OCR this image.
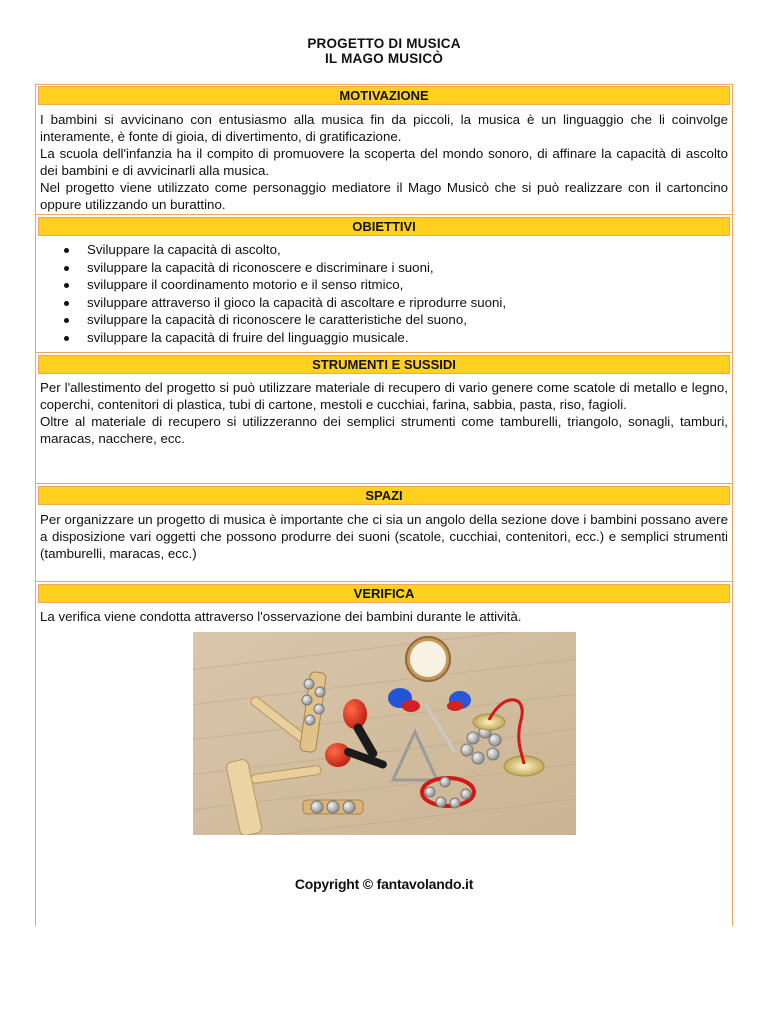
PROGETTO DI MUSICA
IL MAGO MUSICÒ
MOTIVAZIONE

I bambini si avvicinano con entusiasmo alla musica fin da piccoli, la musica è un linguaggio che li coinvolge interamente, è fonte di gioia, di divertimento, di gratificazione.

La scuola dell'infanzia ha il compito di promuovere la scoperta del mondo sonoro, di affinare la capacità di ascolto dei bambini e di avvicinarli alla musica.

Nel progetto viene utilizzato come personaggio mediatore il Mago Musicò che si può realizzare con il cartoncino oppure utilizzando un burattino.

OBIETTIVI
Sviluppare la capacità di ascolto,
sviluppare la capacità di riconoscere e discriminare i suoni,
sviluppare il coordinamento motorio e il senso ritmico,
sviluppare attraverso il gioco la capacità di ascoltare e riprodurre suoni,
sviluppare la capacità di riconoscere le caratteristiche del suono,
sviluppare la capacità di fruire del linguaggio musicale.
STRUMENTI E SUSSIDI

Per l'allestimento del progetto si può utilizzare materiale di recupero di vario genere come scatole di metallo e legno, coperchi, contenitori di plastica, tubi di cartone, mestoli e cucchiai, farina, sabbia, pasta, riso, fagioli.

Oltre al materiale di recupero si utilizzeranno dei semplici strumenti come tamburelli, triangolo, sonagli, tamburi, maracas, nacchere, ecc.

SPAZI

Per organizzare un progetto di musica è importante che ci sia un angolo della sezione dove i bambini possano avere a disposizione vari oggetti che possono produrre dei suoni (scatole, cucchiai, contenitori, ecc.) e semplici strumenti (tamburelli, maracas, ecc.)

VERIFICA

La verifica viene condotta attraverso l'osservazione dei bambini durante le attività.

Copyright © fantavolando.it
